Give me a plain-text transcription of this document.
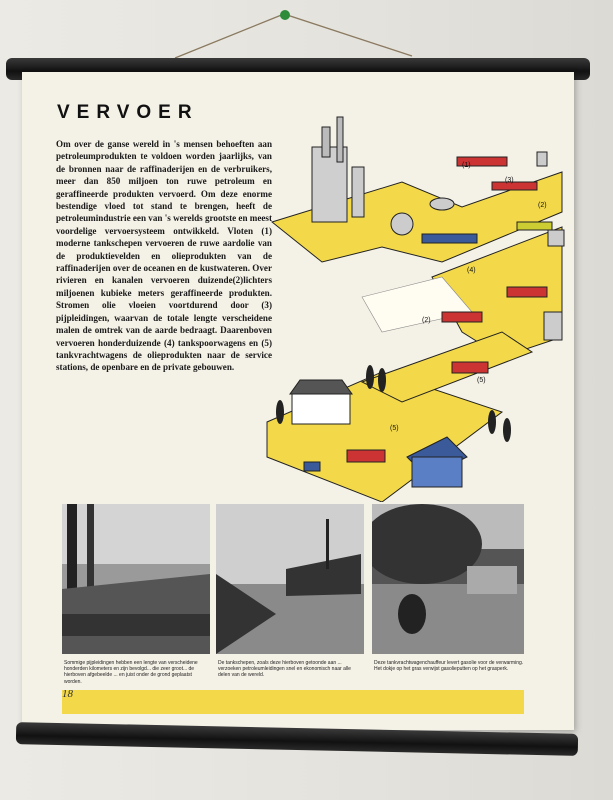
VERVOER

Om over de gansе wereld in 's mensen behoeften aan petroleumprodukten te voldoen worden jaarlijks, van de bronnen naar de raffinaderijen en de verbruikers, meer dan 850 miljoen ton ruwe petroleum en geraffineerde produkten vervoerd. Om deze enorme bestendige vloed tot stand te brengen, heeft de petroleumindustrie een van 's werelds grootste en meest voordelige vervoersysteem ontwikkeld. Vloten (1) moderne tankschepen vervoeren de ruwe aardolie van de produktievelden en olieprodukten van de raffinaderijen over de oceanen en de kustwateren. Over rivieren en kanalen vervoeren duizende(2)lichters miljoenen kubieke meters geraffineerde produkten. Stromen olie vloeien voortdurend door (3) pijpleidingen, waarvan de totale lengte verscheidene malen de omtrek van de aarde bedraagt. Daarenboven vervoeren honderduizende (4) tankspoorwagens en (5) tankvrachtwagens de olieprodukten naar de service stations, de openbare en de private gebouwen.

(1)
(2)
(3)
(4)
(2)
(5)
(5)

Sommige pijpleidingen hebben een lengte van verscheidene honderden kilometers en zijn bevolgd... die zeer groot... de hierboven afgebeelde ... en juist onder de grond geplaatst worden.

De tankschepen, zoals deze hierboven getoonde aan ... verzoeken petroleumleidingen snel en ekonomisch naar alle delen van de wereld.

Deze tankvrachtwagenchauffeur levert gasolie voor de verwarming. Het dokje op het gras verwijst gasolieputten op het grasperk.

18
